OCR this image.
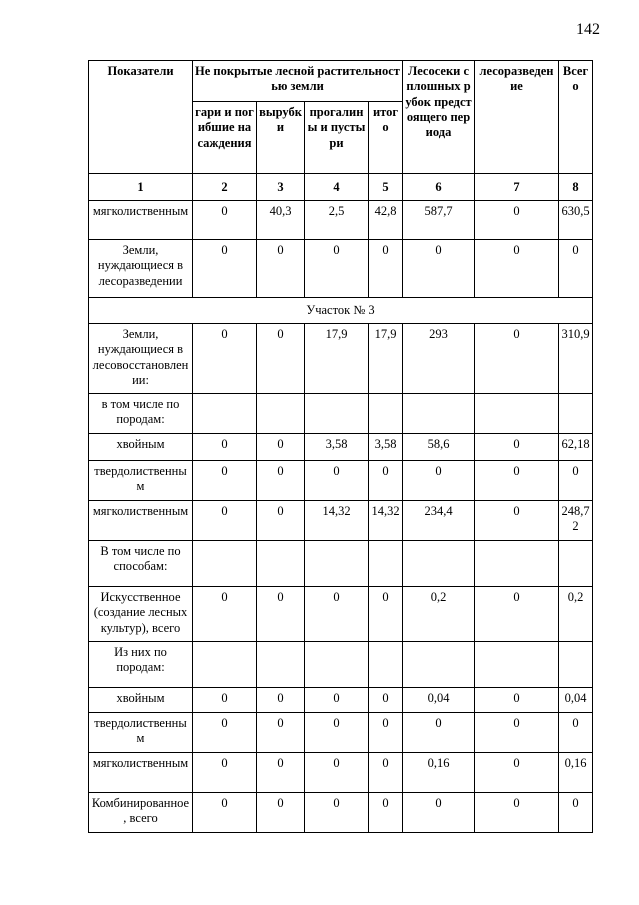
142
Показатели	Не покрытые лесной растительностью земли				Лесосеки сплошных рубок предстоящего периода	лесоразведение	Всего
	гари и погибшие насаждения	вырубки	прогалины и пустыри	итого			
1	2	3	4	5	6	7	8
мягколиственным	0	40,3	2,5	42,8	587,7	0	630,5
Земли, нуждающиеся в лесоразведении	0	0	0	0	0	0	0
Участок № 3							
Земли, нуждающиеся в лесовосстановлении:	0	0	17,9	17,9	293	0	310,9
в том числе по породам:							
хвойным	0	0	3,58	3,58	58,6	0	62,18
твердолиственным	0	0	0	0	0	0	0
мягколиственным	0	0	14,32	14,32	234,4	0	248,72
В том числе по способам:							
Искусственное (создание лесных культур), всего	0	0	0	0	0,2	0	0,2
Из них по породам:							
хвойным	0	0	0	0	0,04	0	0,04
твердолиственным	0	0	0	0	0	0	0
мягколиственным	0	0	0	0	0,16	0	0,16
Комбинированное, всего	0	0	0	0	0	0	0
